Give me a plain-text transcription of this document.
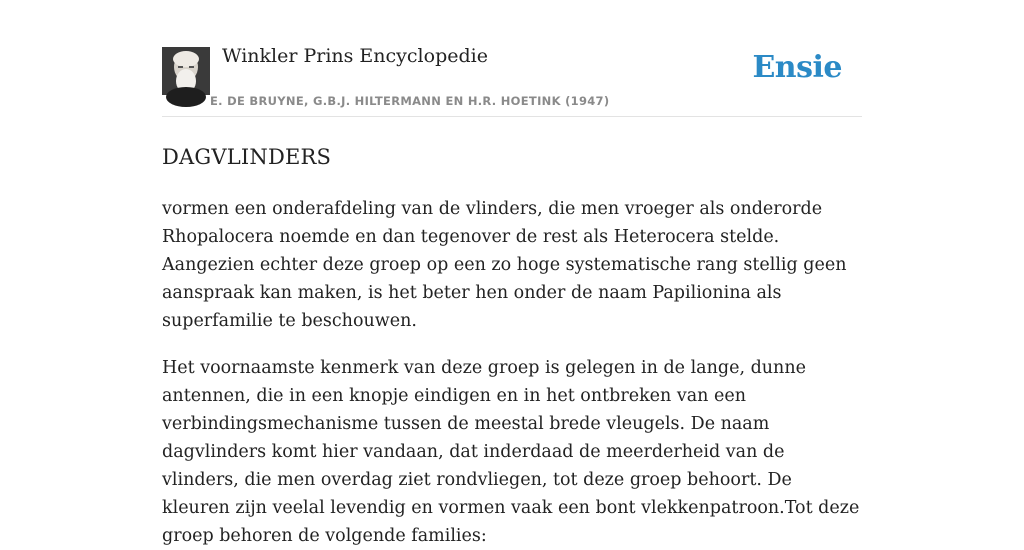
Winkler Prins Encyclopedie
E. DE BRUYNE, G.B.J. HILTERMANN EN H.R. HOETINK (1947)
Ensie
DAGVLINDERS

vormen een onderafdeling van de vlinders, die men vroeger als onderorde Rhopalocera noemde en dan tegenover de rest als Heterocera stelde. Aangezien echter deze groep op een zo hoge systematische rang stellig geen aanspraak kan maken, is het beter hen onder de naam Papilionina als superfamilie te beschouwen.

Het voornaamste kenmerk van deze groep is gelegen in de lange, dunne antennen, die in een knopje eindigen en in het ontbreken van een verbindingsmechanisme tussen de meestal brede vleugels. De naam dagvlinders komt hier vandaan, dat inderdaad de meerderheid van de vlinders, die men overdag ziet rondvliegen, tot deze groep behoort. De kleuren zijn veelal levendig en vormen vaak een bont vlekkenpatroon.Tot deze groep behoren de volgende families:
